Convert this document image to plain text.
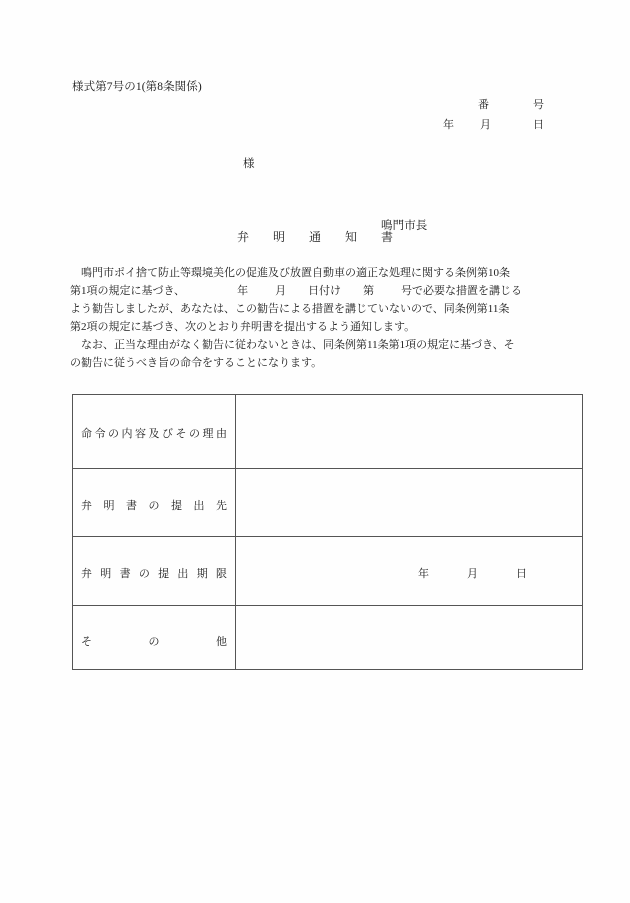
様式第7号の1(第8条関係)
番	号
年 月	日
様
鳴門市長
弁　明　通　知　書

　鳴門市ポイ捨て防止等環境美化の促進及び放置自動車の適正な処理に関する条例第10条

第1項の規定に基づき、	年 月 日付け 第 号で必要な措置を講じる

よう勧告しましたが、あなたは、この勧告による措置を講じていないので、同条例第11条

第2項の規定に基づき、次のとおり弁明書を提出するよう通知します。

　なお、正当な理由がなく勧告に従わないときは、同条例第11条第1項の規定に基づき、そ

の勧告に従うべき旨の命令をすることになります。

命令の内容及びその理由	

弁明書の提出先	

弁明書の提出期限	年 月 日

その他	
